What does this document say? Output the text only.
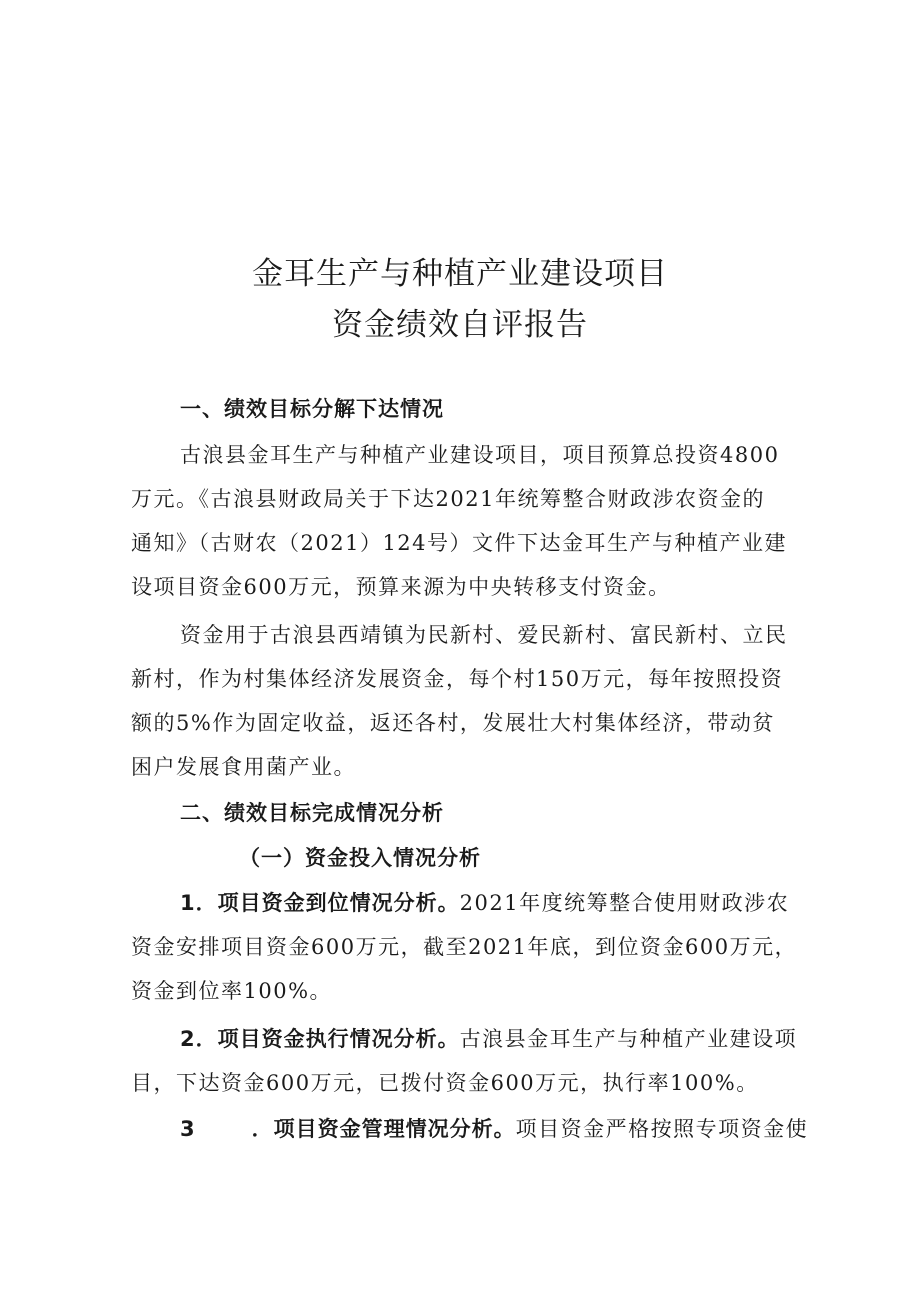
金耳生产与种植产业建设项目
资金绩效自评报告
一、绩效目标分解下达情况
古浪县金耳生产与种植产业建设项目，项目预算总投资4800
万元。《古浪县财政局关于下达2021年统筹整合财政涉农资金的
通知》（古财农（2021）124号）文件下达金耳生产与种植产业建
设项目资金600万元，预算来源为中央转移支付资金。
资金用于古浪县西靖镇为民新村、爱民新村、富民新村、立民
新村，作为村集体经济发展资金，每个村150万元，每年按照投资
额的5%作为固定收益，返还各村，发展壮大村集体经济，带动贫
困户发展食用菌产业。
二、绩效目标完成情况分析
（一）资金投入情况分析
1．项目资金到位情况分析。2021年度统筹整合使用财政涉农
资金安排项目资金600万元，截至2021年底，到位资金600万元，
资金到位率100%。
2．项目资金执行情况分析。古浪县金耳生产与种植产业建设项
目，下达资金600万元，已拨付资金600万元，执行率100%。
3	．项目资金管理情况分析。项目资金严格按照专项资金使
